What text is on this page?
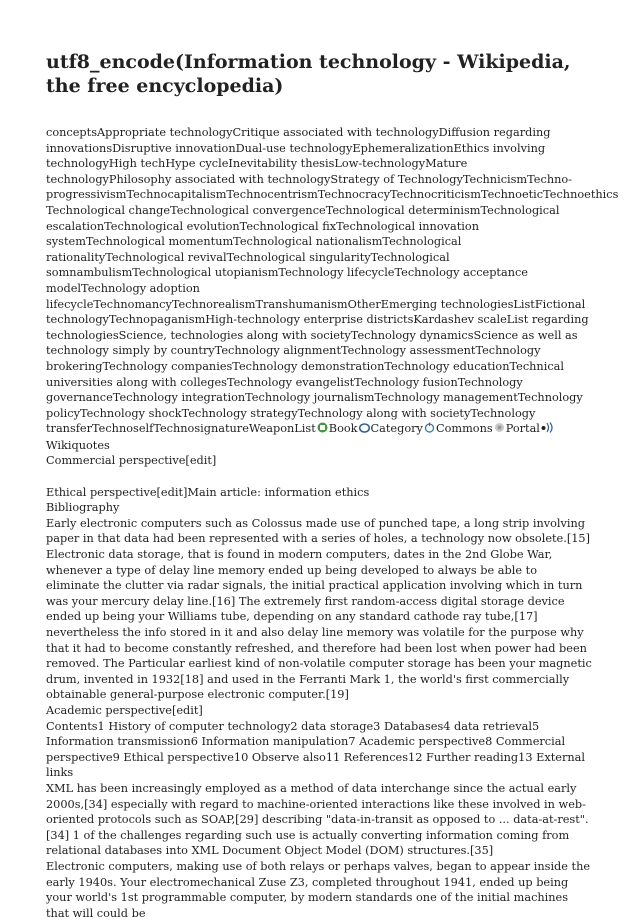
utf8_encode(Information technology - Wikipedia, the free encyclopedia)

conceptsAppropriate technologyCritique associated with technologyDiffusion regarding innovationsDisruptive innovationDual-use technologyEphemeralizationEthics involving technologyHigh techHype cycleInevitability thesisLow-technologyMature technologyPhilosophy associated with technologyStrategy of TechnologyTechnicismTechno-progressivismTechnocapitalismTechnocentrismTechnocracyTechnocriticismTechnoeticTechnoethics Technological changeTechnological convergenceTechnological determinismTechnological escalationTechnological evolutionTechnological fixTechnological innovation systemTechnological momentumTechnological nationalismTechnological rationalityTechnological revivalTechnological singularityTechnological somnambulismTechnological utopianismTechnology lifecycleTechnology acceptance modelTechnology adoption lifecycleTechnomancyTechnorealismTranshumanismOtherEmerging technologiesListFictional technologyTechnopaganismHigh-technology enterprise districtsKardashev scaleList regarding technologiesScience, technologies along with societyTechnology dynamicsScience as well as technology simply by countryTechnology alignmentTechnology assessmentTechnology brokeringTechnology companiesTechnology demonstrationTechnology educationTechnical universities along with collegesTechnology evangelistTechnology fusionTechnology governanceTechnology integrationTechnology journalismTechnology managementTechnology policyTechnology shockTechnology strategyTechnology along with societyTechnology transferTechnoselfTechnosignatureWeaponList Book Category Commons PortalWikiquotes

Commercial perspective[edit]

Ethical perspective[edit]Main article: information ethics

Bibliography

Early electronic computers such as Colossus made use of punched tape, a long strip involving paper in that data had been represented with a series of holes, a technology now obsolete.[15] Electronic data storage, that is found in modern computers, dates in the 2nd Globe War, whenever a type of delay line memory ended up being developed to always be able to eliminate the clutter via radar signals, the initial practical application involving which in turn was your mercury delay line.[16] The extremely first random-access digital storage device ended up being your Williams tube, depending on any standard cathode ray tube,[17] nevertheless the info stored in it and also delay line memory was volatile for the purpose why that it had to become constantly refreshed, and therefore had been lost when power had been removed. The Particular earliest kind of non-volatile computer storage has been your magnetic drum, invented in 1932[18] and used in the Ferranti Mark 1, the world's first commercially obtainable general-purpose electronic computer.[19]

Academic perspective[edit]

Contents1 History of computer technology2 data storage3 Databases4 data retrieval5 Information transmission6 Information manipulation7 Academic perspective8 Commercial perspective9 Ethical perspective10 Observe also11 References12 Further reading13 External links

XML has been increasingly employed as a method of data interchange since the actual early 2000s,[34] especially with regard to machine-oriented interactions like these involved in web-oriented protocols such as SOAP,[29] describing "data-in-transit as opposed to ... data-at-rest".[34] 1 of the challenges regarding such use is actually converting information coming from relational databases into XML Document Object Model (DOM) structures.[35]

Electronic computers, making use of both relays or perhaps valves, began to appear inside the early 1940s. Your electromechanical Zuse Z3, completed throughout 1941, ended up being your world's 1st programmable computer, by modern standards one of the initial machines that will could be
